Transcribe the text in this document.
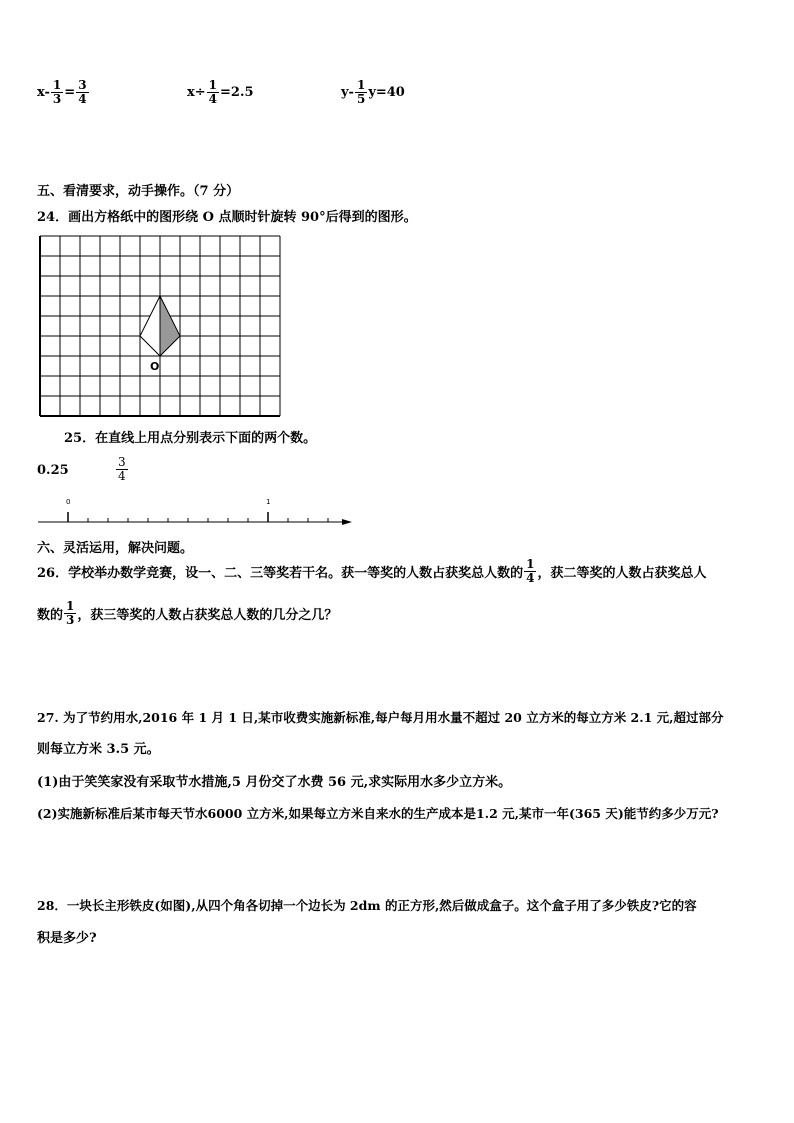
$x- \frac{1}{3} = \frac{3}{4}$	$x\div \frac{1}{4} =2.5$	$y- \frac{1}{5} y=40$
五、看清要求，动手操作。（7 分）
24．画出方格纸中的图形绕 O 点顺时针旋转 90°后得到的图形。
O
25．在直线上用点分别表示下面的两个数。
0.25	$\frac{3}{4}$
0	1
六、灵活运用，解决问题。
26．学校举办数学竞赛，设一、二、三等奖若干名。获一等奖的人数占获奖总人数的 $\frac{1}{4}$ ，获二等奖的人数占获奖总人
数的 $\frac{1}{3}$ ，获三等奖的人数占获奖总人数的几分之几？
27. 为了节约用水,2016 年 1 月 1 日,某市收费实施新标准,每户每月用水量不超过 20 立方米的每立方米 2.1 元,超过部分
则每立方米 3.5 元。
(1)由于笑笑家没有采取节水措施,5 月份交了水费 56 元,求实际用水多少立方米。
(2)实施新标准后某市每天节水6000 立方米,如果每立方米自来水的生产成本是1.2 元,某市一年(365 天)能节约多少万元?
28．一块长主形铁皮(如图),从四个角各切掉一个边长为 2dm 的正方形,然后做成盒子。这个盒子用了多少铁皮?它的容
积是多少?
